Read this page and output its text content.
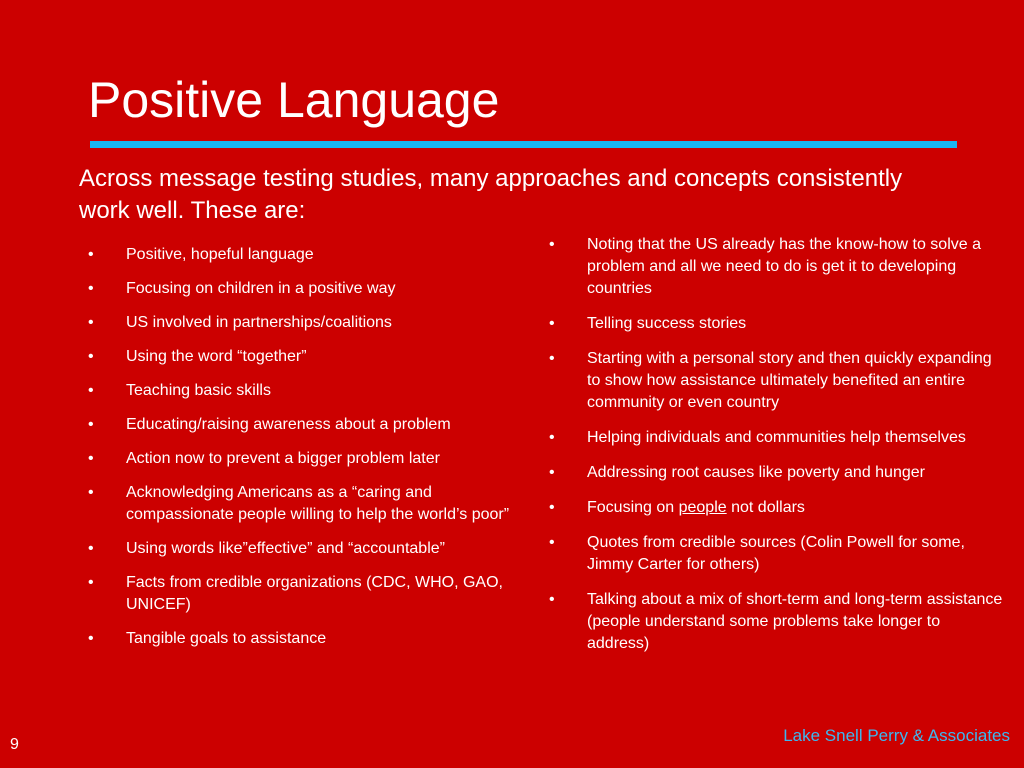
Positive Language

Across message testing studies, many approaches and concepts consistently work well. These are:

• Positive, hopeful language
• Focusing on children in a positive way
• US involved in partnerships/coalitions
• Using the word “together”
• Teaching basic skills
• Educating/raising awareness about a problem
• Action now to prevent a bigger problem later
• Acknowledging Americans as a “caring and compassionate people willing to help the world’s poor”
• Using words like”effective” and “accountable”
• Facts from credible organizations (CDC, WHO, GAO, UNICEF)
• Tangible goals to assistance
• Noting that the US already has the know-how to solve a problem and all we need to do is get it to developing countries
• Telling success stories
• Starting with a personal story and then quickly expanding to show how assistance ultimately benefited an entire community or even country
• Helping individuals and communities help themselves
• Addressing root causes like poverty and hunger
• Focusing on people not dollars
• Quotes from credible sources (Colin Powell for some, Jimmy Carter for others)
• Talking about a mix of short-term and long-term assistance (people understand some problems take longer to address)
9	Lake Snell Perry & Associates
